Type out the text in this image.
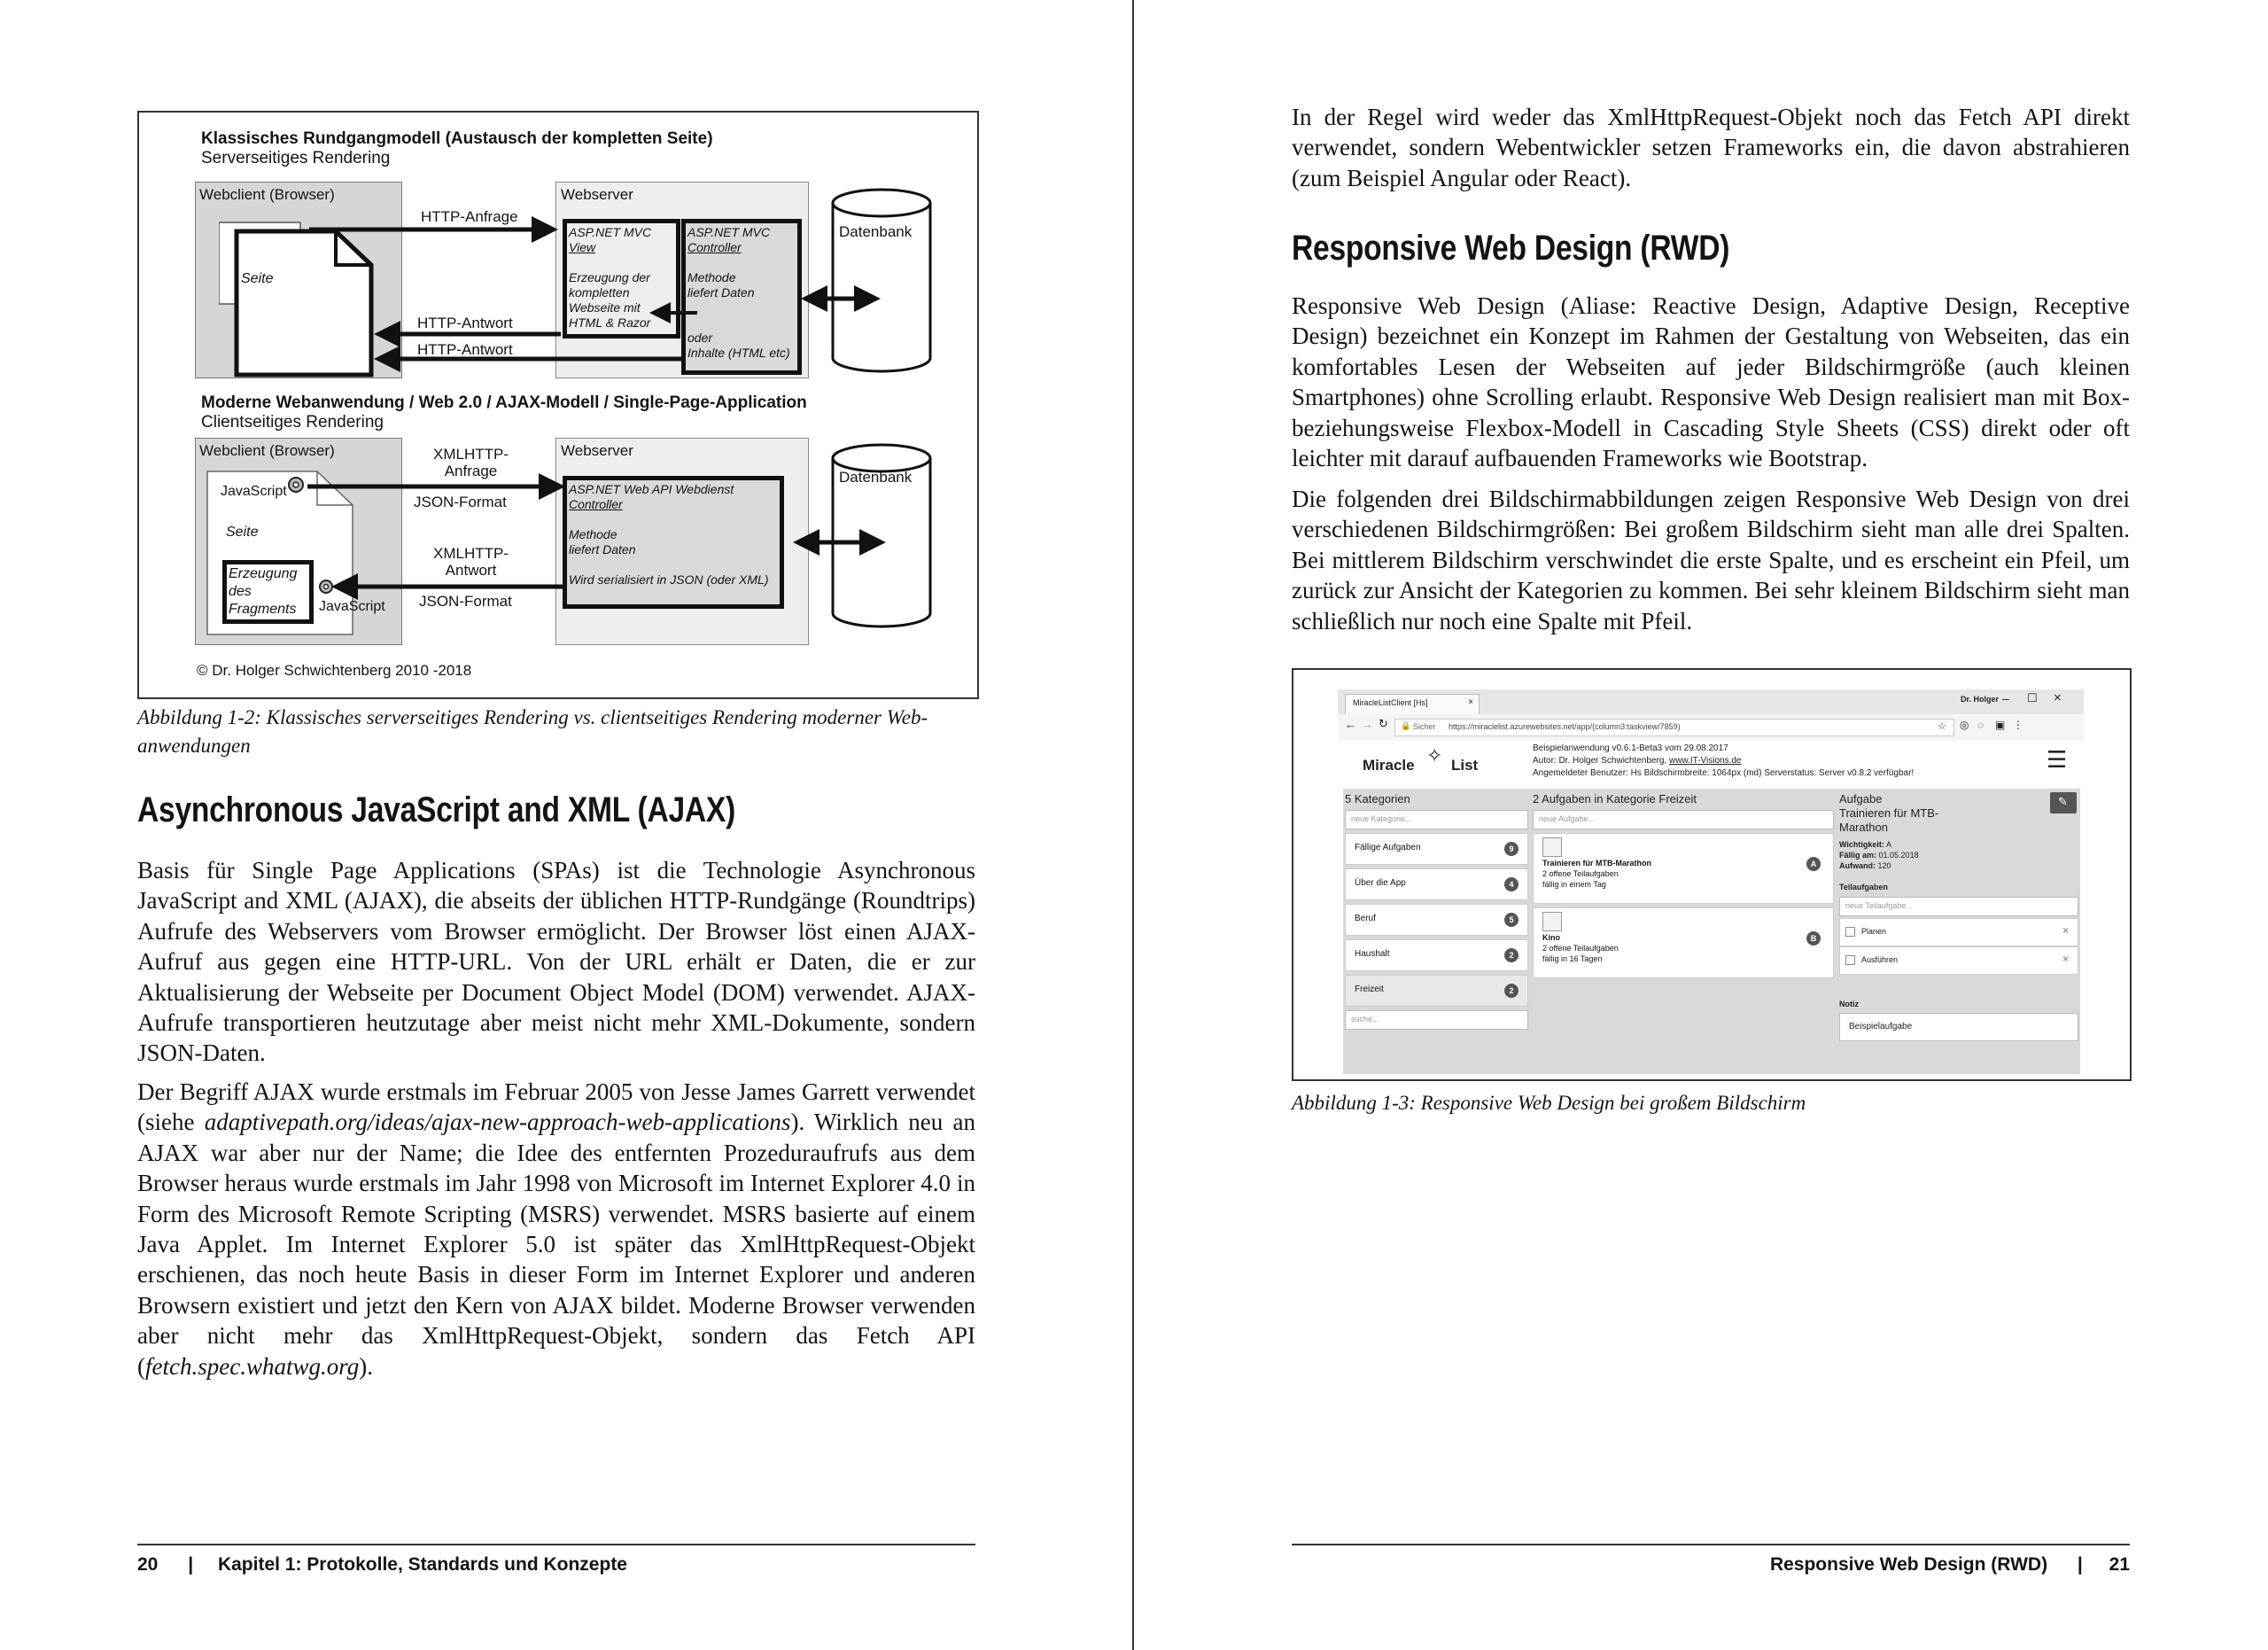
Klassisches Rundgangmodell (Austausch der kompletten Seite)
Serverseitiges Rendering
Webclient (Browser)
Seite
Webserver
ASP.NET MVC
View

Erzeugung der
kompletten
Webseite mit
HTML & Razor
ASP.NET MVC
Controller

Methode
liefert Daten

oder
Inhalte (HTML etc)
Datenbank
HTTP-Anfrage
HTTP-Antwort
HTTP-Antwort
Moderne Webanwendung / Web 2.0 / AJAX-Modell / Single-Page-Application
Clientseitiges Rendering
Webclient (Browser)
JavaScript
Seite
Erzeugung
des
Fragments JavaScript
Webserver
ASP.NET Web API Webdienst
Controller

Methode
liefert Daten

Wird serialisiert in JSON (oder XML)
Datenbank
XMLHTTP-
Anfrage
JSON-Format
XMLHTTP-
Antwort
JSON-Format
© Dr. Holger Schwichtenberg 2010 -2018
Abbildung 1-2: Klassisches serverseitiges Rendering vs. clientseitiges Rendering moderner Web-
anwendungen
Asynchronous JavaScript and XML (AJAX)

Basis für Single Page Applications (SPAs) ist die Technologie Asynchronous JavaScript and XML (AJAX), die abseits der üblichen HTTP-Rundgänge (Roundtrips) Aufrufe des Webservers vom Browser ermöglicht. Der Browser löst einen AJAX-Aufruf aus gegen eine HTTP-URL. Von der URL erhält er Daten, die er zur Aktualisierung der Webseite per Document Object Model (DOM) verwendet. AJAX-Aufrufe transportieren heutzutage aber meist nicht mehr XML-Dokumente, sondern JSON-Daten.

Der Begriff AJAX wurde erstmals im Februar 2005 von Jesse James Garrett verwendet (siehe adaptivepath.org/ideas/ajax-new-approach-web-applications). Wirklich neu an AJAX war aber nur der Name; die Idee des entfernten Prozeduraufrufs aus dem Browser heraus wurde erstmals im Jahr 1998 von Microsoft im Internet Explorer 4.0 in Form des Microsoft Remote Scripting (MSRS) verwendet. MSRS basierte auf einem Java Applet. Im Internet Explorer 5.0 ist später das XmlHttpRequest-Objekt erschienen, das noch heute Basis in dieser Form im Internet Explorer und anderen Browsern existiert und jetzt den Kern von AJAX bildet. Moderne Browser verwenden aber nicht mehr das XmlHttpRequest-Objekt, sondern das Fetch API (fetch.spec.whatwg.org).

20 | Kapitel 1: Protokolle, Standards und Konzepte

In der Regel wird weder das XmlHttpRequest-Objekt noch das Fetch API direkt verwendet, sondern Webentwickler setzen Frameworks ein, die davon abstrahieren (zum Beispiel Angular oder React).

Responsive Web Design (RWD)

Responsive Web Design (Aliase: Reactive Design, Adaptive Design, Receptive Design) bezeichnet ein Konzept im Rahmen der Gestaltung von Webseiten, das ein komfortables Lesen der Webseiten auf jeder Bildschirmgröße (auch kleinen Smartphones) ohne Scrolling erlaubt. Responsive Web Design realisiert man mit Box- beziehungsweise Flexbox-Modell in Cascading Style Sheets (CSS) direkt oder oft leichter mit darauf aufbauenden Frameworks wie Bootstrap.

Die folgenden drei Bildschirmabbildungen zeigen Responsive Web Design von drei verschiedenen Bildschirmgrößen: Bei großem Bildschirm sieht man alle drei Spalten. Bei mittlerem Bildschirm verschwindet die erste Spalte, und es erscheint ein Pfeil, um zurück zur Ansicht der Kategorien zu kommen. Bei sehr kleinem Bildschirm sieht man schließlich nur noch eine Spalte mit Pfeil.

Abbildung 1-3: Responsive Web Design bei großem Bildschirm
Responsive Web Design (RWD) | 21
MiracleListClient [Hs]	×	Dr. Holger – ☐ ×
← → ↻ 🔒 Sicher https://miraclelist.azurewebsites.net/app/(column3:taskview/7859)	☆ ◎ ◌ ▣ ⋮
Miracle ✧ List
Beispielanwendung v0.6.1-Beta3 vom 29.08.2017
Autor: Dr. Holger Schwichtenberg, www.IT-Visions.de
Angemeldeter Benutzer: Hs Bildschirmbreite: 1064px (md) Serverstatus: Server v0.8.2 verfügbar!
☰
5 Kategorien
neue Kategorie...
Fällige Aufgaben	9
Über die App	4
Beruf	5
Haushalt	2
Freizeit	2
suche...
2 Aufgaben in Kategorie Freizeit
neue Aufgabe...
Trainieren für MTB-Marathon
2 offene Teilaufgaben
fällig in einem Tag
A
Kino
2 offene Teilaufgaben
fällig in 16 Tagen
B
Aufgabe	✎
Trainieren für MTB-
Marathon
Wichtigkeit: A
Fällig am: 01.05.2018
Aufwand: 120
Teilaufgaben
neue Teilaufgabe...
Planen	×
Ausführen	×
Notiz
Beispielaufgabe
